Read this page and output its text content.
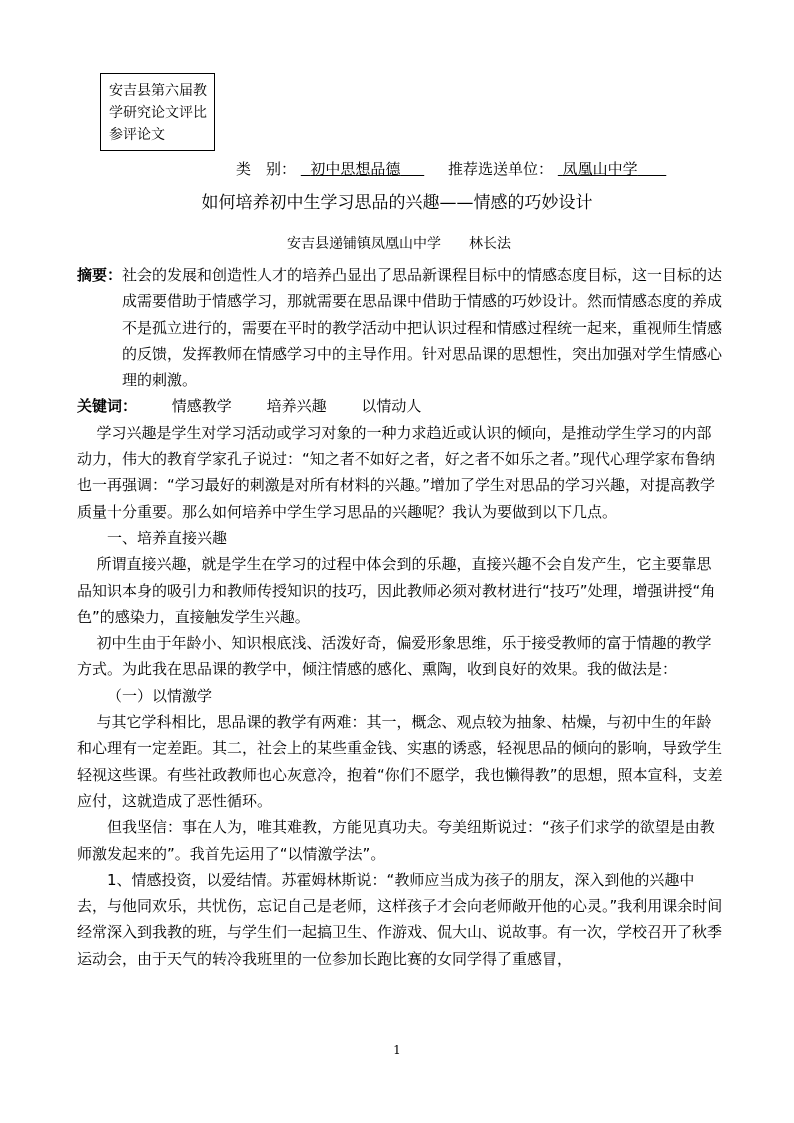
安吉县第六届教
学研究论文评比
参评论文
类　别： 初中思想品德	推荐选送单位： 凤凰山中学
如何培养初中生学习思品的兴趣——情感的巧妙设计
安吉县递铺镇凤凰山中学　　林长法
摘要： 社会的发展和创造性人才的培养凸显出了思品新课程目标中的情感态度目标，这一目标的达成需要借助于情感学习，那就需要在思品课中借助于情感的巧妙设计。然而情感态度的养成不是孤立进行的，需要在平时的教学活动中把认识过程和情感过程统一起来，重视师生情感的反馈，发挥教师在情感学习中的主导作用。针对思品课的思想性，突出加强对学生情感心理的刺激。
关键词： 情感教学 培养兴趣 以情动人

学习兴趣是学生对学习活动或学习对象的一种力求趋近或认识的倾向，是推动学生学习的内部动力，伟大的教育学家孔子说过：“知之者不如好之者，好之者不如乐之者。”现代心理学家布鲁纳也一再强调：“学习最好的刺激是对所有材料的兴趣。”增加了学生对思品的学习兴趣，对提高教学质量十分重要。那么如何培养中学生学习思品的兴趣呢？我认为要做到以下几点。

一、培养直接兴趣

所谓直接兴趣，就是学生在学习的过程中体会到的乐趣，直接兴趣不会自发产生，它主要靠思品知识本身的吸引力和教师传授知识的技巧，因此教师必须对教材进行“技巧”处理，增强讲授“角色”的感染力，直接触发学生兴趣。

初中生由于年龄小、知识根底浅、活泼好奇，偏爱形象思维，乐于接受教师的富于情趣的教学方式。为此我在思品课的教学中，倾注情感的感化、熏陶，收到良好的效果。我的做法是：

（一）以情激学

与其它学科相比，思品课的教学有两难：其一，概念、观点较为抽象、枯燥，与初中生的年龄和心理有一定差距。其二，社会上的某些重金钱、实惠的诱惑，轻视思品的倾向的影响，导致学生轻视这些课。有些社政教师也心灰意冷，抱着“你们不愿学，我也懒得教”的思想，照本宣科，支差应付，这就造成了恶性循环。

但我坚信：事在人为，唯其难教，方能见真功夫。夸美纽斯说过：“孩子们求学的欲望是由教师激发起来的”。我首先运用了“以情激学法”。

1、情感投资，以爱结情。苏霍姆林斯说：“教师应当成为孩子的朋友，深入到他的兴趣中去，与他同欢乐，共忧伤，忘记自己是老师，这样孩子才会向老师敞开他的心灵。”我利用课余时间经常深入到我教的班，与学生们一起搞卫生、作游戏、侃大山、说故事。有一次，学校召开了秋季运动会，由于天气的转冷我班里的一位参加长跑比赛的女同学得了重感冒，

1
